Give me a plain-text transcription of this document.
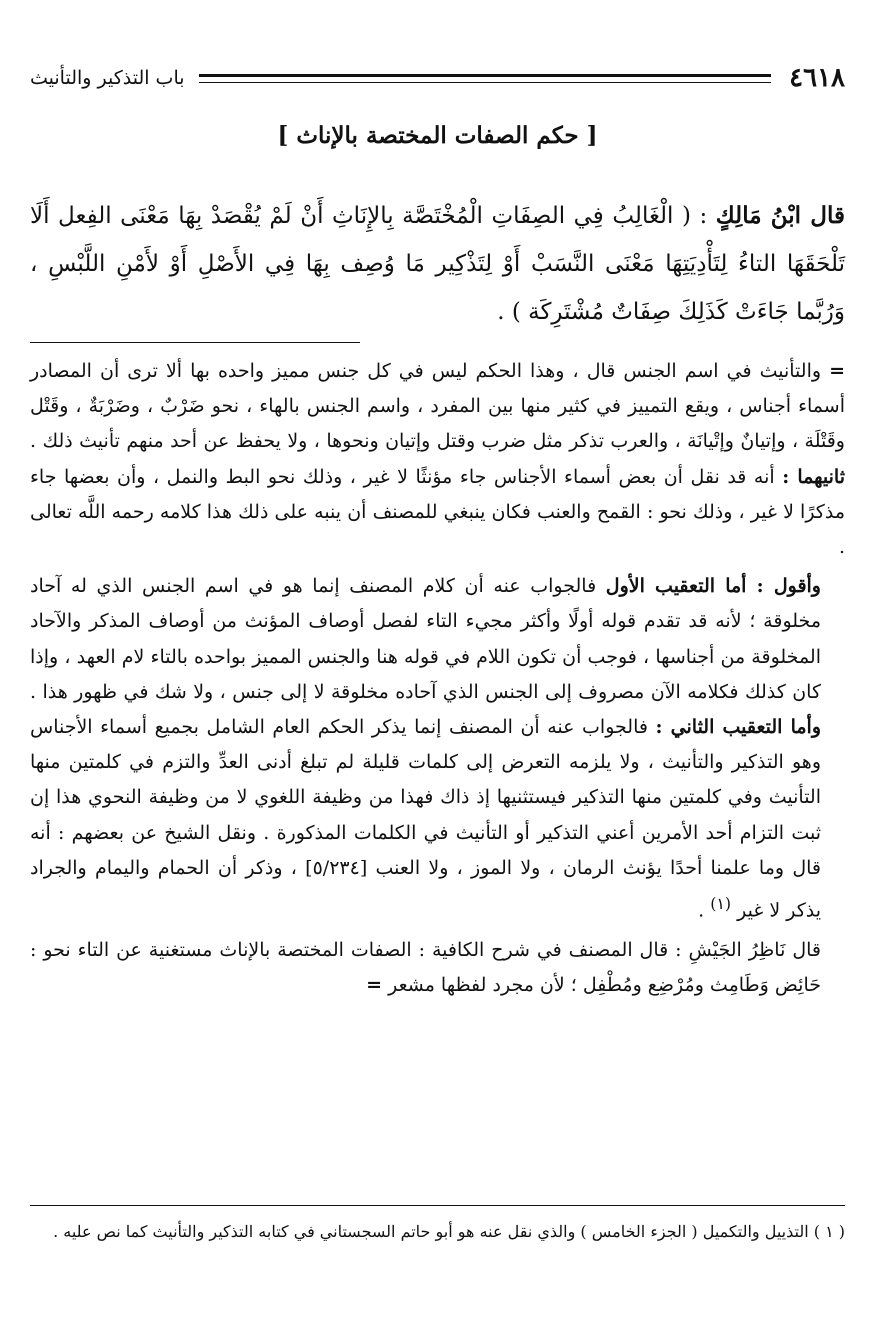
٤٦١٨
باب التذكير والتأنيث
[ حكم الصفات المختصة بالإناث ]
قال ابْنُ مَالِكٍ : ( الْغَالِبُ فِي الصِفَاتِ الْمُخْتَصَّة بِالإِنَاثِ أَنْ لَمْ يُقْصَدْ بِهَا مَعْنَى الفِعل أَلَا تَلْحَقَهَا التاءُ لِتَأْدِيَتِهَا مَعْنَى النَّسَبْ أَوْ لِتَذْكِير مَا وُصِف بِهَا فِي الأَصْلِ أَوْ لأَمْنِ اللَّبْسِ ، وَرُبَّما جَاءَتْ كَذَلِكَ صِفَاتٌ مُشْتَرِكَة ) .

= والتأنيث في اسم الجنس قال ، وهذا الحكم ليس في كل جنس مميز واحده بها ألا ترى أن المصادر أسماء أجناس ، ويقع التمييز في كثير منها بين المفرد ، واسم الجنس بالهاء ، نحو ضَرْبٌ ، وضَرْبَةٌ ، وقَتْل وقَتْلَة ، وإتيانٌ وإتْيانَة ، والعرب تذكر مثل ضرب وقتل وإتيان ونحوها ، ولا يحفظ عن أحد منهم تأنيث ذلك . ثانيهما : أنه قد نقل أن بعض أسماء الأجناس جاء مؤنثًا لا غير ، وذلك نحو البط والنمل ، وأن بعضها جاء مذكرًا لا غير ، وذلك نحو : القمح والعنب فكان ينبغي للمصنف أن ينبه على ذلك هذا كلامه رحمه اللَّه تعالى .

وأقول : أما التعقيب الأول فالجواب عنه أن كلام المصنف إنما هو في اسم الجنس الذي له آحاد مخلوقة ؛ لأنه قد تقدم قوله أولًا وأكثر مجيء التاء لفصل أوصاف المؤنث من أوصاف المذكر والآحاد المخلوقة من أجناسها ، فوجب أن تكون اللام في قوله هنا والجنس المميز بواحده بالتاء لام العهد ، وإذا كان كذلك فكلامه الآن مصروف إلى الجنس الذي آحاده مخلوقة لا إلى جنس ، ولا شك في ظهور هذا . وأما التعقيب الثاني : فالجواب عنه أن المصنف إنما يذكر الحكم العام الشامل بجميع أسماء الأجناس وهو التذكير والتأنيث ، ولا يلزمه التعرض إلى كلمات قليلة لم تبلغ أدنى العدِّ والتزم في كلمتين منها التأنيث وفي كلمتين منها التذكير فيستثنيها إذ ذاك فهذا من وظيفة اللغوي لا من وظيفة النحوي هذا إن ثبت التزام أحد الأمرين أعني التذكير أو التأنيث في الكلمات المذكورة . ونقل الشيخ عن بعضهم : أنه قال وما علمنا أحدًا يؤنث الرمان ، ولا الموز ، ولا العنب [٥/٢٣٤] ، وذكر أن الحمام واليمام والجراد يذكر لا غير $^{(١)}$ .

قال نَاظِرُ الجَيْشِ : قال المصنف في شرح الكافية : الصفات المختصة بالإناث مستغنية عن التاء نحو : حَائِض وَطَامِث ومُرْضِع ومُطْفِل ؛ لأن مجرد لفظها مشعر =

( ١ ) التذييل والتكميل ( الجزء الخامس ) والذي نقل عنه هو أبو حاتم السجستاني في كتابه التذكير والتأنيث كما نص عليه .
